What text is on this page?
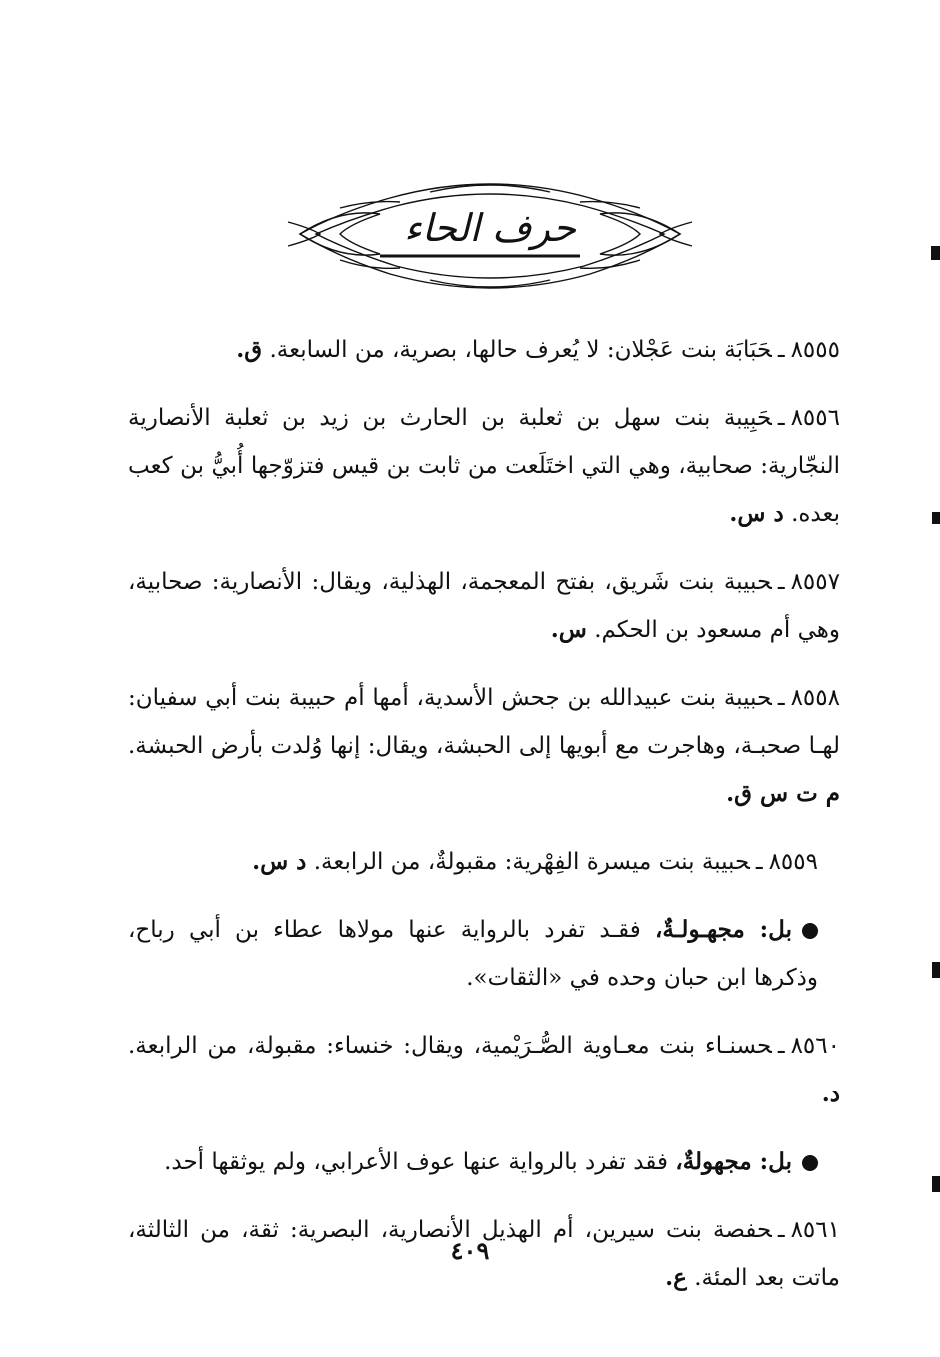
حرف الحاء

٨٥٥٥ـحَبَابَة بنت عَجْلان: لا يُعرف حالها، بصرية، من السابعة. ق.

٨٥٥٦ـحَبِيبة بنت سهل بن ثعلبة بن الحارث بن زيد بن ثعلبة الأنصارية النجّارية: صحابية، وهي التي اختَلَعت من ثابت بن قيس فتزوّجها أُبيُّ بن كعب بعده. د س.

٨٥٥٧ـحبيبة بنت شَريق، بفتح المعجمة، الهذلية، ويقال: الأنصارية: صحابية، وهي أم مسعود بن الحكم. س.

٨٥٥٨ـحبيبة بنت عبيدالله بن جحش الأسدية، أمها أم حبيبة بنت أبي سفيان: لهـا صحبـة، وهاجرت مع أبويها إلى الحبشة، ويقال: إنها وُلدت بأرض الحبشة. م ت س ق.

٨٥٥٩ـحبيبة بنت ميسرة الفِهْرية: مقبولةٌ، من الرابعة. د س.

بل: مجهـولـةٌ، فقـد تفرد بالرواية عنها مولاها عطاء بن أبي رباح، وذكرها ابن حبان وحده في «الثقات».

٨٥٦٠ـحسنـاء بنت معـاوية الصُّـرَيْمية، ويقال: خنساء: مقبولة، من الرابعة. د.

بل: مجهولةٌ، فقد تفرد بالرواية عنها عوف الأعرابي، ولم يوثقها أحد.

٨٥٦١ـحفصة بنت سيرين، أم الهذيل الأنصارية، البصرية: ثقة، من الثالثة، ماتت بعد المئة. ع.

٤٠٩
